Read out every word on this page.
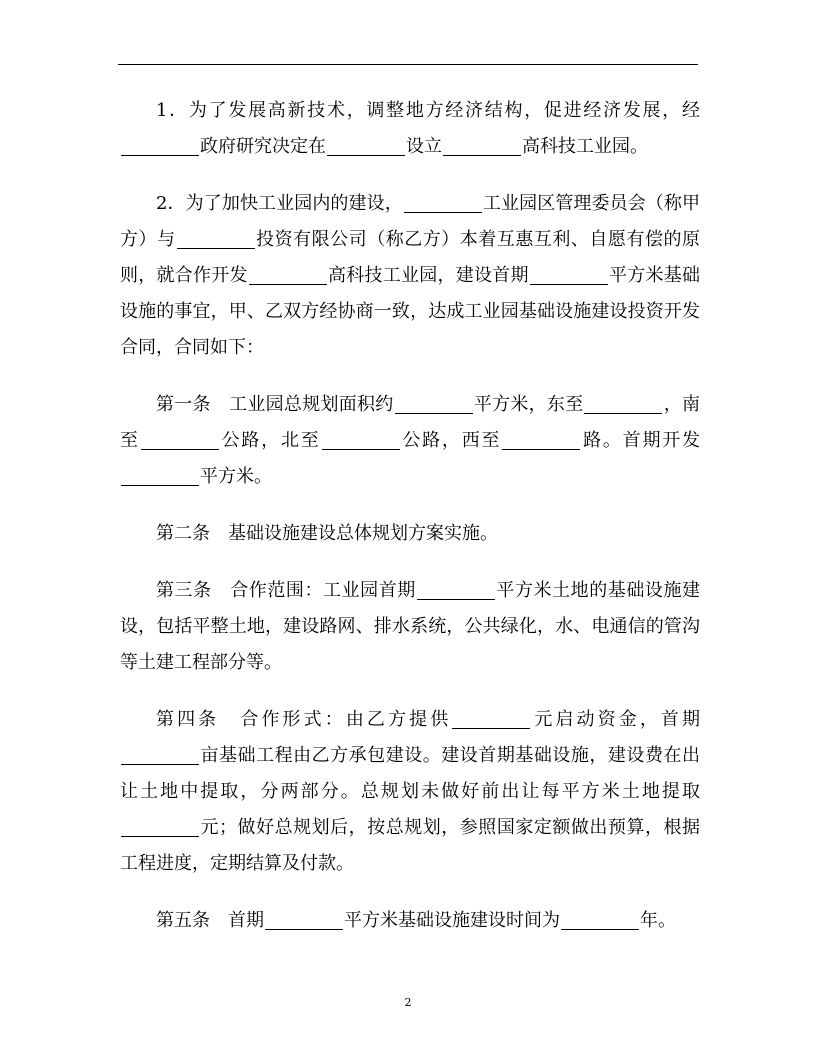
1．为了发展高新技术，调整地方经济结构，促进经济发展，经政府研究决定在	设立	高科技工业园。

2．为了加快工业园内的建设，	工业园区管理委员会（称甲方）与	投资有限公司（称乙方）本着互惠互利、自愿有偿的原则，就合作开发	高科技工业园，建设首期	平方米基础设施的事宜，甲、乙双方经协商一致，达成工业园基础设施建设投资开发合同，合同如下：

第一条 工业园总规划面积约	平方米，东至	，南至	公路，北至	公路，西至	路。首期开发平方米。

第二条 基础设施建设总体规划方案实施。

第三条 合作范围：工业园首期	平方米土地的基础设施建设，包括平整土地，建设路网、排水系统，公共绿化，水、电通信的管沟等土建工程部分等。

第四条 合作形式：由乙方提供	元启动资金，首期亩基础工程由乙方承包建设。建设首期基础设施，建设费在出让土地中提取，分两部分。总规划未做好前出让每平方米土地提取元；做好总规划后，按总规划，参照国家定额做出预算，根据工程进度，定期结算及付款。

第五条 首期	平方米基础设施建设时间为	年。

2
